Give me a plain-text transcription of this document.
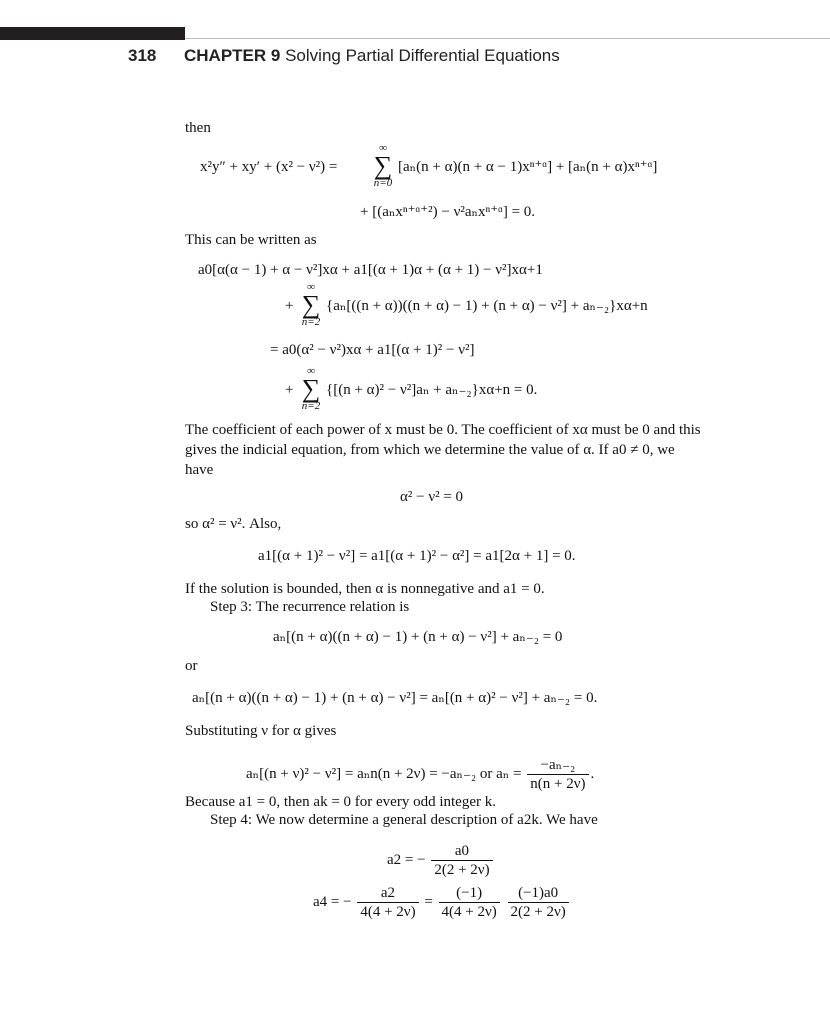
318 CHAPTER 9 Solving Partial Differential Equations
then
x²y″ + xy′ + (x² − ν²) =
∞
∑
n=0
[aₙ(n + α)(n + α − 1)xⁿ⁺ᵅ] + [aₙ(n + α)xⁿ⁺ᵅ]
+ [(aₙxⁿ⁺ᵅ⁺²) − ν²aₙxⁿ⁺ᵅ] = 0.
This can be written as
a0[α(α − 1) + α − ν²]xα + a1[(α + 1)α + (α + 1) − ν²]xα+1
+
∞
∑
n=2
{aₙ[((n + α))((n + α) − 1) + (n + α) − ν²] + aₙ₋₂}xα+n
= a0(α² − ν²)xα + a1[(α + 1)² − ν²]
+
∞
∑
n=2
{[(n + α)² − ν²]aₙ + aₙ₋₂}xα+n = 0.
The coefficient of each power of x must be 0. The coefficient of xα must be 0 and this
gives the indicial equation, from which we determine the value of α. If a0 ≠ 0, we
have
α² − ν² = 0
so α² = ν². Also,
a1[(α + 1)² − ν²] = a1[(α + 1)² − α²] = a1[2α + 1] = 0.
If the solution is bounded, then α is nonnegative and a1 = 0.
Step 3: The recurrence relation is
aₙ[(n + α)((n + α) − 1) + (n + α) − ν²] + aₙ₋₂ = 0
or
aₙ[(n + α)((n + α) − 1) + (n + α) − ν²] = aₙ[(n + α)² − ν²] + aₙ₋₂ = 0.
Substituting ν for α gives
aₙ[(n + ν)² − ν²] = aₙn(n + 2ν) = −aₙ₋₂ or $a_n = \frac{\text{−aₙ₋₂}}{n(n + 2\nu)}$ .
Because a1 = 0, then ak = 0 for every odd integer k.
Step 4: We now determine a general description of a2k. We have
a2 = − $\frac{a0}{2(2 + 2\nu)}$
a4 = − $\frac{a2}{4(4 + 2\nu)} = \frac{(-1)}{4(4 + 2\nu)}$
$\frac{(-1)a0}{2(2 + 2\nu)}$
